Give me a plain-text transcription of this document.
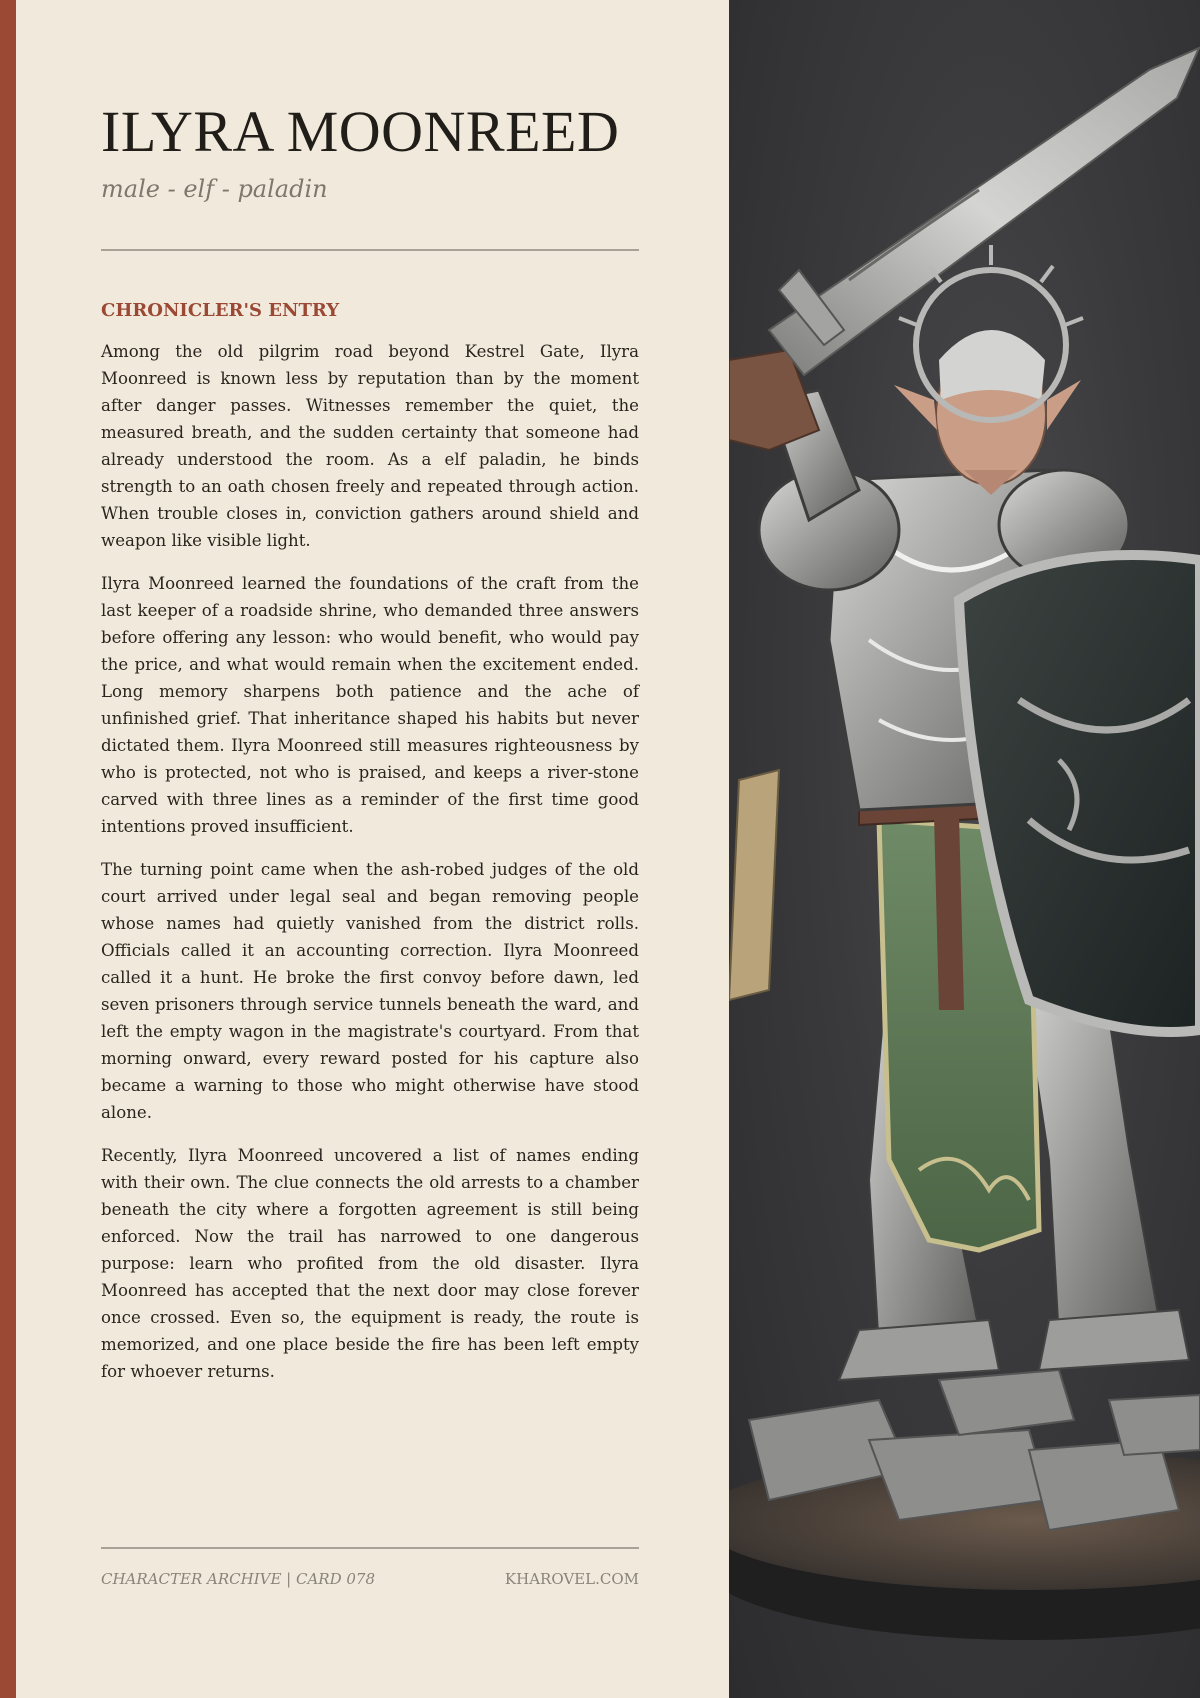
ILYRA MOONREED
male - elf - paladin
CHRONICLER'S ENTRY

Among the old pilgrim road beyond Kestrel Gate, Ilyra Moonreed is known less by reputation than by the moment after danger passes. Witnesses remember the quiet, the measured breath, and the sudden certainty that someone had already understood the room. As a elf paladin, he binds strength to an oath chosen freely and repeated through action. When trouble closes in, conviction gathers around shield and weapon like visible light.

Ilyra Moonreed learned the foundations of the craft from the last keeper of a roadside shrine, who demanded three answers before offering any lesson: who would benefit, who would pay the price, and what would remain when the excitement ended. Long memory sharpens both patience and the ache of unfinished grief. That inheritance shaped his habits but never dictated them. Ilyra Moonreed still measures righteousness by who is protected, not who is praised, and keeps a river-stone carved with three lines as a reminder of the first time good intentions proved insufficient.

The turning point came when the ash-robed judges of the old court arrived under legal seal and began removing people whose names had quietly vanished from the district rolls. Officials called it an accounting correction. Ilyra Moonreed called it a hunt. He broke the first convoy before dawn, led seven prisoners through service tunnels beneath the ward, and left the empty wagon in the magistrate's courtyard. From that morning onward, every reward posted for his capture also became a warning to those who might otherwise have stood alone.

Recently, Ilyra Moonreed uncovered a list of names ending with their own. The clue connects the old arrests to a chamber beneath the city where a forgotten agreement is still being enforced. Now the trail has narrowed to one dangerous purpose: learn who profited from the old disaster. Ilyra Moonreed has accepted that the next door may close forever once crossed. Even so, the equipment is ready, the route is memorized, and one place beside the fire has been left empty for whoever returns.

CHARACTER ARCHIVE | CARD 078	KHAROVEL.COM
